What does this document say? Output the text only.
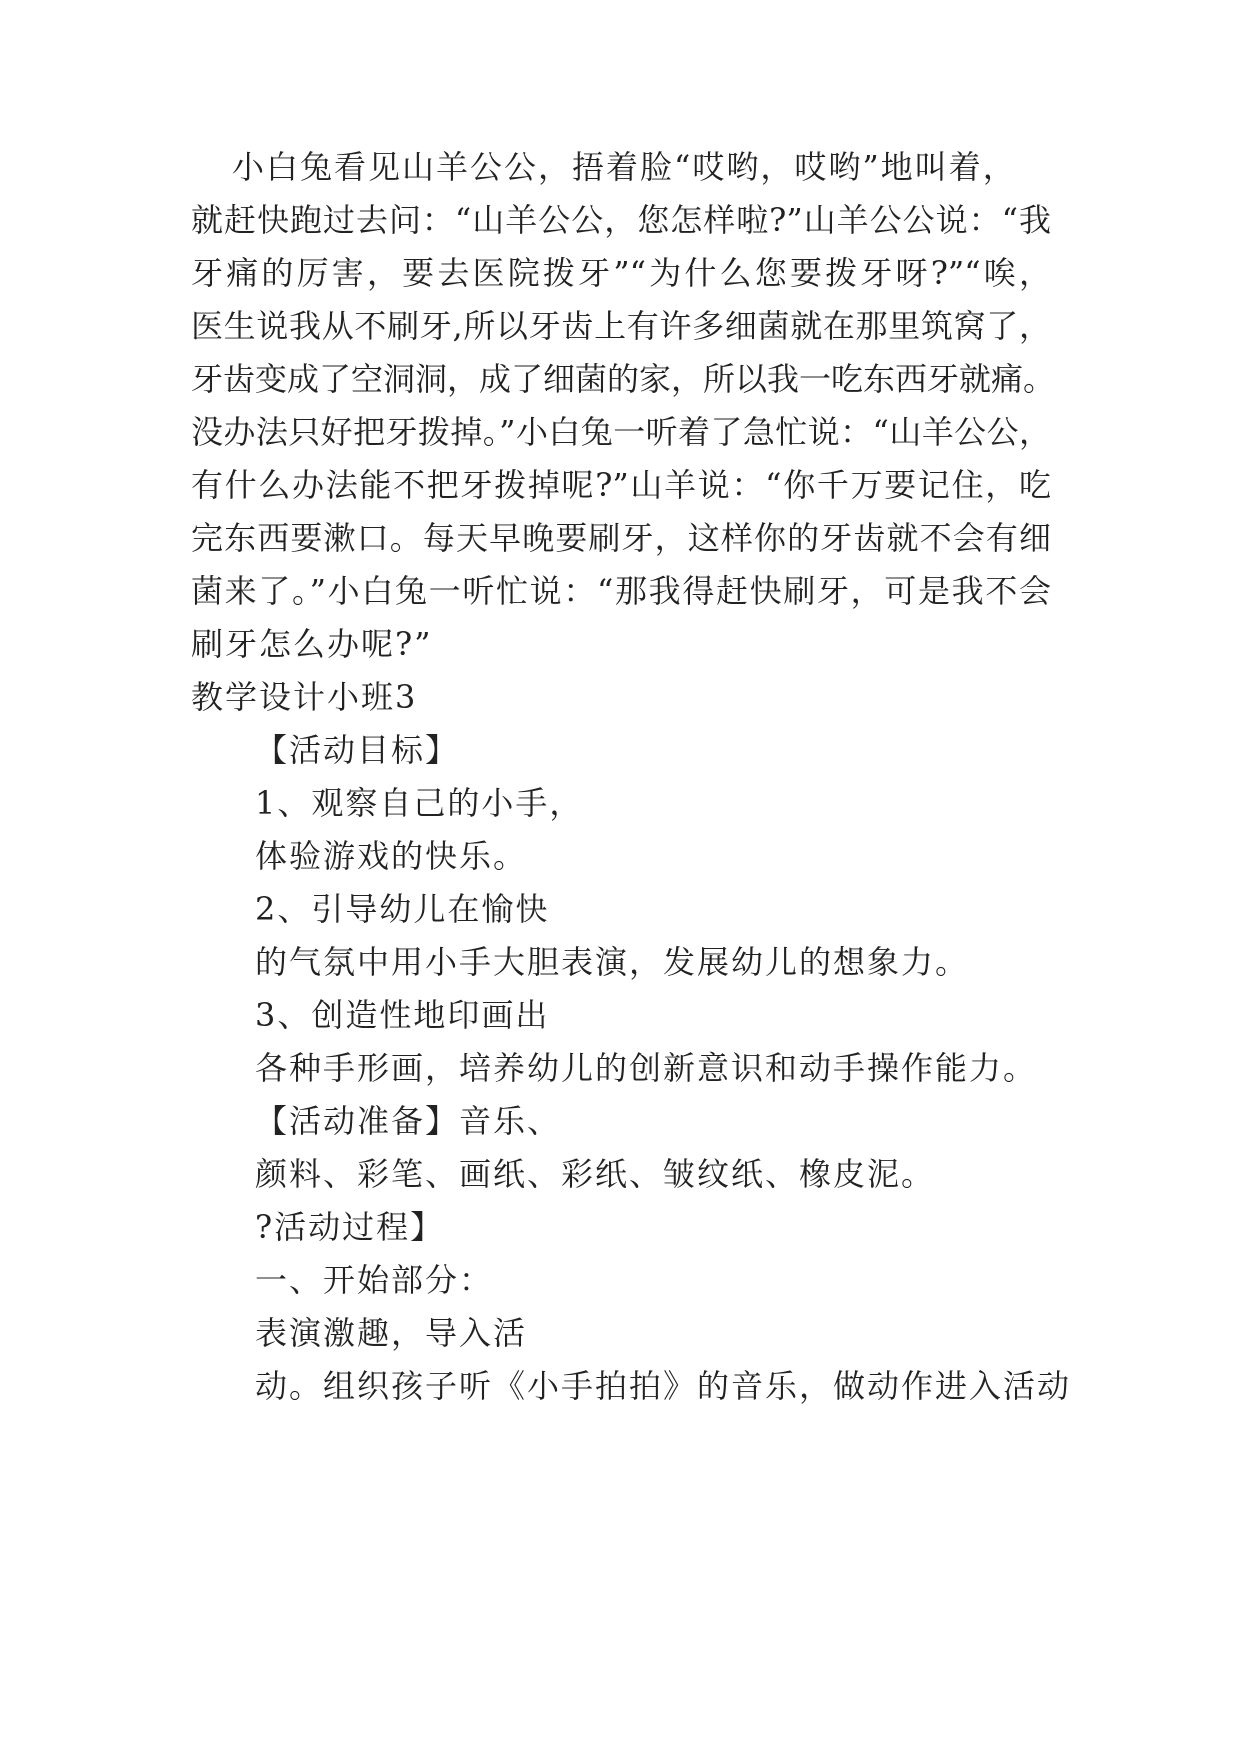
小白兔看见山羊公公，捂着脸“哎哟，哎哟”地叫着，
就赶快跑过去问：“山羊公公，您怎样啦?”山羊公公说：“我
牙痛的厉害，要去医院拨牙”“为什么您要拨牙呀?”“唉，
医生说我从不刷牙,所以牙齿上有许多细菌就在那里筑窝了，
牙齿变成了空洞洞，成了细菌的家，所以我一吃东西牙就痛。
没办法只好把牙拨掉。”小白兔一听着了急忙说：“山羊公公，
有什么办法能不把牙拨掉呢?”山羊说：“你千万要记住，吃
完东西要漱口。每天早晚要刷牙，这样你的牙齿就不会有细
菌来了。”小白兔一听忙说：“那我得赶快刷牙，可是我不会
刷牙怎么办呢?”
教学设计小班3
【活动目标】
1、观察自己的小手，
体验游戏的快乐。
2、引导幼儿在愉快
的气氛中用小手大胆表演，发展幼儿的想象力。
3、创造性地印画出
各种手形画，培养幼儿的创新意识和动手操作能力。
【活动准备】音乐、
颜料、彩笔、画纸、彩纸、皱纹纸、橡皮泥。
?活动过程】
一、开始部分：
表演激趣，导入活
动。组织孩子听《小手拍拍》的音乐，做动作进入活动
